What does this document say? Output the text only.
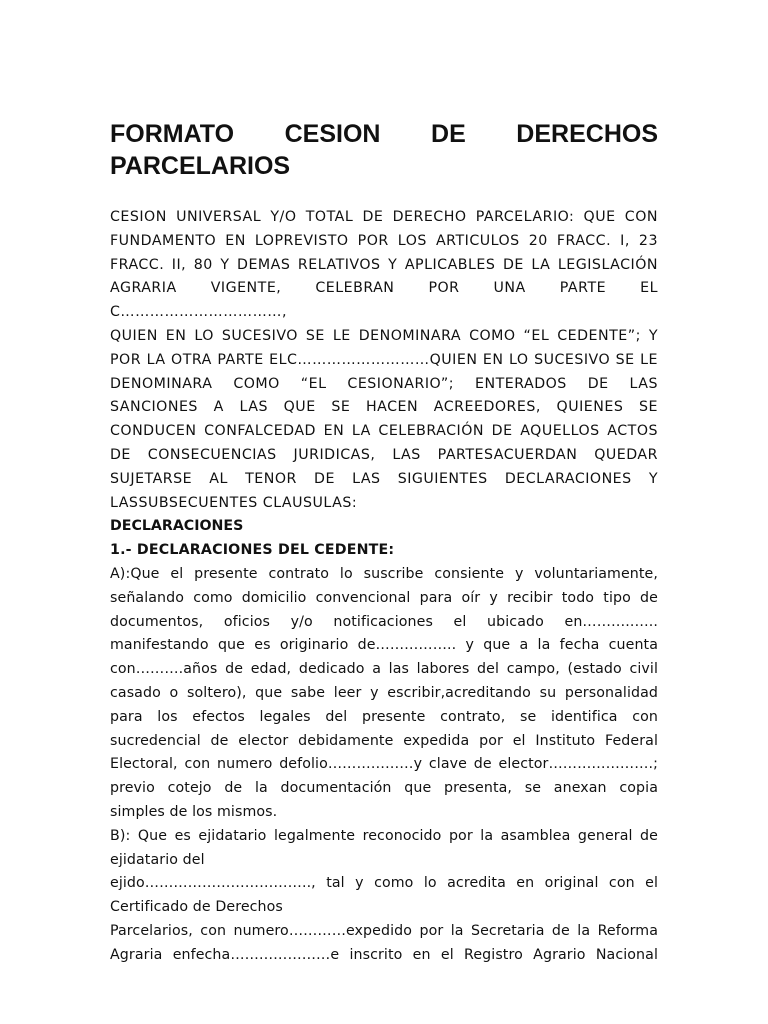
FORMATO CESION DE DERECHOS
PARCELARIOS

CESION UNIVERSAL Y/O TOTAL DE DERECHO PARCELARIO: QUE CON
FUNDAMENTO EN LOPREVISTO POR LOS ARTICULOS 20 FRACC. I, 23
FRACC. II, 80 Y DEMAS RELATIVOS Y APLICABLES DE LA LEGISLACIÓN
AGRARIA VIGENTE, CELEBRAN POR UNA PARTE EL C……………………………,
QUIEN EN LO SUCESIVO SE LE DENOMINARA COMO “EL CEDENTE”; Y
POR LA OTRA PARTE ELC………………………QUIEN EN LO SUCESIVO SE LE
DENOMINARA COMO “EL CESIONARIO”; ENTERADOS DE LAS
SANCIONES A LAS QUE SE HACEN ACREEDORES, QUIENES SE
CONDUCEN CONFALCEDAD EN LA CELEBRACIÓN DE AQUELLOS ACTOS
DE CONSECUENCIAS JURIDICAS, LAS PARTESACUERDAN QUEDAR
SUJETARSE AL TENOR DE LAS SIGUIENTES DECLARACIONES Y
LASSUBSECUENTES CLAUSULAS:

DECLARACIONES
1.- DECLARACIONES DEL CEDENTE:

A):Que el presente contrato lo suscribe consiente y voluntariamente,
señalando como domicilio convencional para oír y recibir todo tipo de
documentos, oficios y/o notificaciones el ubicado en………..…..
manifestando que es originario de…………….. y que a la fecha cuenta
con……….años de edad, dedicado a las labores del campo, (estado civil
casado o soltero), que sabe leer y escribir,acreditando su personalidad
para los efectos legales del presente contrato, se identifica con
sucredencial de elector debidamente expedida por el Instituto Federal
Electoral, con numero defolio………………y clave de elector………………….;
previo cotejo de la documentación que presenta, se anexan copia
simples de los mismos.

B): Que es ejidatario legalmente reconocido por la asamblea general de
ejidatario del
ejido…………………………….., tal y como lo acredita en original con el
Certificado de Derechos
Parcelarios, con numero…………expedido por la Secretaria de la Reforma
Agraria enfecha…………………e inscrito en el Registro Agrario Nacional
